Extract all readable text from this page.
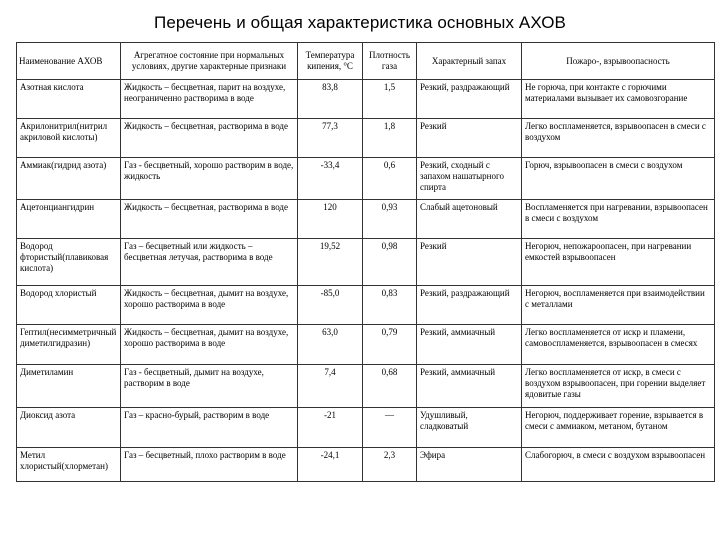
Перечень и общая характеристика основных АХОВ
Наименование АХОВ	Агрегатное состояние при нормальных условиях, другие характерные признаки	Температура кипения, °С	Плотность газа	Характерный запах	Пожаро-, взрывоопасность
Азотная кислота	Жидкость – бесцветная, парит на воздухе, неограниченно растворима в воде	83,8	1,5	Резкий, раздражающий	Не горюча, при контакте с горючими материалами вызывает их самовозгорание
Акрилонитрил(нитрил акриловой кислоты)	Жидкость – бесцветная, растворима в воде	77,3	1,8	Резкий	Легко воспламеняется, взрывоопасен в смеси с воздухом
Аммиак(гидрид азота)	Газ - бесцветный, хорошо растворим в воде, жидкость	-33,4	0,6	Резкий, сходный с запахом нашатырного спирта	Горюч, взрывоопасен в смеси с воздухом
Ацетонциангидрин	Жидкость – бесцветная, растворима в воде	120	0,93	Слабый ацетоновый	Воспламеняется при нагревании, взрывоопасен в смеси с воздухом
Водород фтористый(плавиковая кислота)	Газ – бесцветный или жидкость – бесцветная летучая, растворима в воде	19,52	0,98	Резкий	Негорюч, непожароопасен, при нагревании емкостей взрывоопасен
Водород хлористый	Жидкость – бесцветная, дымит на воздухе, хорошо растворима в воде	-85,0	0,83	Резкий, раздражающий	Негорюч, воспламеняется при взаимодействии с металлами
Гептил(несимметричный диметилгидразин)	Жидкость – бесцветная, дымит на воздухе, хорошо растворима в воде	63,0	0,79	Резкий, аммиачный	Легко воспламеняется от искр и пламени, самовоспламеняется, взрывоопасен в смесях
Диметиламин	Газ - бесцветный, дымит на воздухе, растворим в воде	7,4	0,68	Резкий, аммиачный	Легко воспламеняется от искр, в смеси с воздухом взрывоопасен, при горении выделяет ядовитые газы
Диоксид азота	Газ – красно-бурый, растворим в воде	-21	—	Удушливый, сладковатый	Негорюч, поддерживает горение, взрывается в смеси с аммиаком, метаном, бутаном
Метил хлористый(хлорметан)	Газ – бесцветный, плохо растворим в воде	-24,1	2,3	Эфира	Слабогорюч, в смеси с воздухом взрывоопасен
